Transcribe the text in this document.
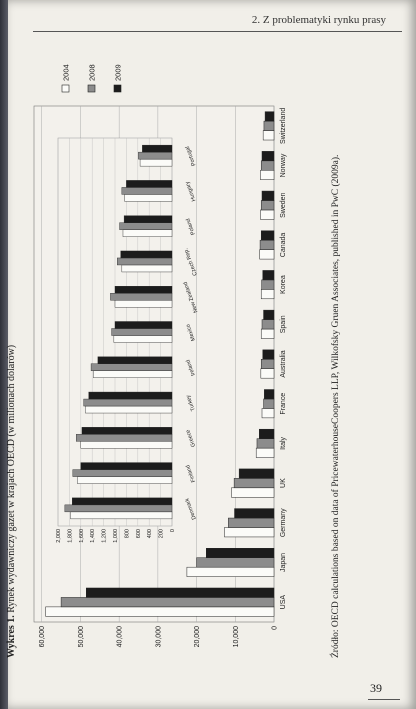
2. Z problematyki rynku prasy
Wykres 1. Rynek wydawniczy gazet w krajach OECD (w milionach dolarów)
0
10,000
20,000
30,000
40,000
50,000
60,000
USA
Japan
Germany
UK
Italy
France
Australia
Spain
Korea
Canada
Sweden
Norway
Switzerland
0
200
400
600
800
1,000
1,200
1,400
1,600
1,800
2,000
Denmark
Finland
Greece
Turkey
Ireland
Mexico
New Zealand
Czech Rep.
Poland
Hungary
Portugal
2004 2008 2009
Źródło: OECD calculations based on data of PricewaterhouseCoopers LLP, Wilkofsky Gruen Associates, published in PwC (2009a).
39
